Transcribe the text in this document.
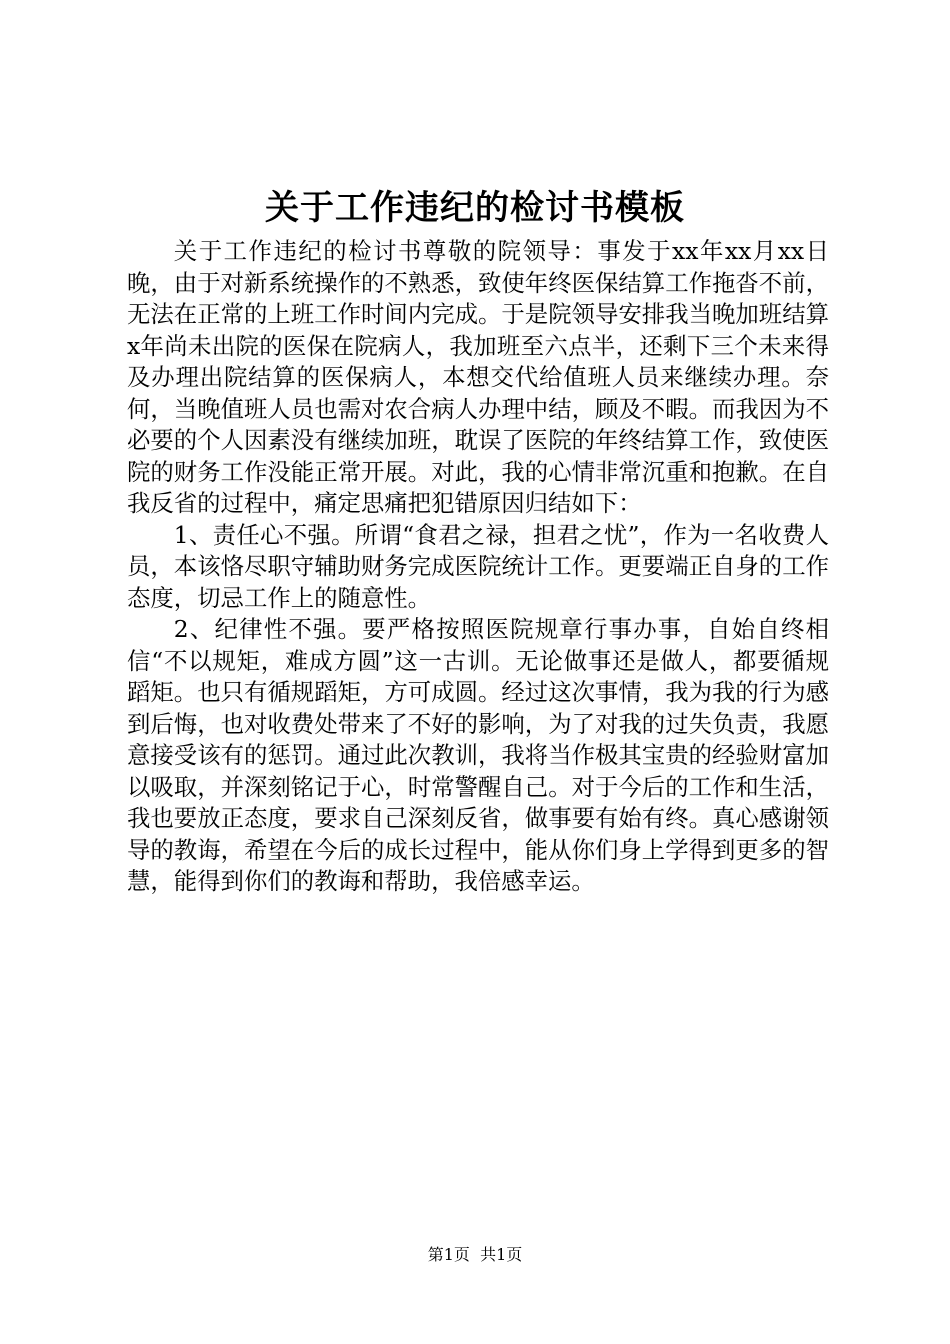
关于工作违纪的检讨书模板

关于工作违纪的检讨书尊敬的院领导：事发于xx年xx月xx日晚，由于对新系统操作的不熟悉，致使年终医保结算工作拖沓不前，无法在正常的上班工作时间内完成。于是院领导安排我当晚加班结算x年尚未出院的医保在院病人，我加班至六点半，还剩下三个未来得及办理出院结算的医保病人，本想交代给值班人员来继续办理。奈何，当晚值班人员也需对农合病人办理中结，顾及不暇。而我因为不必要的个人因素没有继续加班，耽误了医院的年终结算工作，致使医院的财务工作没能正常开展。对此，我的心情非常沉重和抱歉。在自我反省的过程中，痛定思痛把犯错原因归结如下：

1、责任心不强。所谓“食君之禄，担君之忧”，作为一名收费人员，本该恪尽职守辅助财务完成医院统计工作。更要端正自身的工作态度，切忌工作上的随意性。

2、纪律性不强。要严格按照医院规章行事办事，自始自终相信“不以规矩，难成方圆”这一古训。无论做事还是做人，都要循规蹈矩。也只有循规蹈矩，方可成圆。经过这次事情，我为我的行为感到后悔，也对收费处带来了不好的影响，为了对我的过失负责，我愿意接受该有的惩罚。通过此次教训，我将当作极其宝贵的经验财富加以吸取，并深刻铭记于心，时常警醒自己。对于今后的工作和生活，我也要放正态度，要求自己深刻反省，做事要有始有终。真心感谢领导的教诲，希望在今后的成长过程中，能从你们身上学得到更多的智慧，能得到你们的教诲和帮助，我倍感幸运。

第1页  共1页
